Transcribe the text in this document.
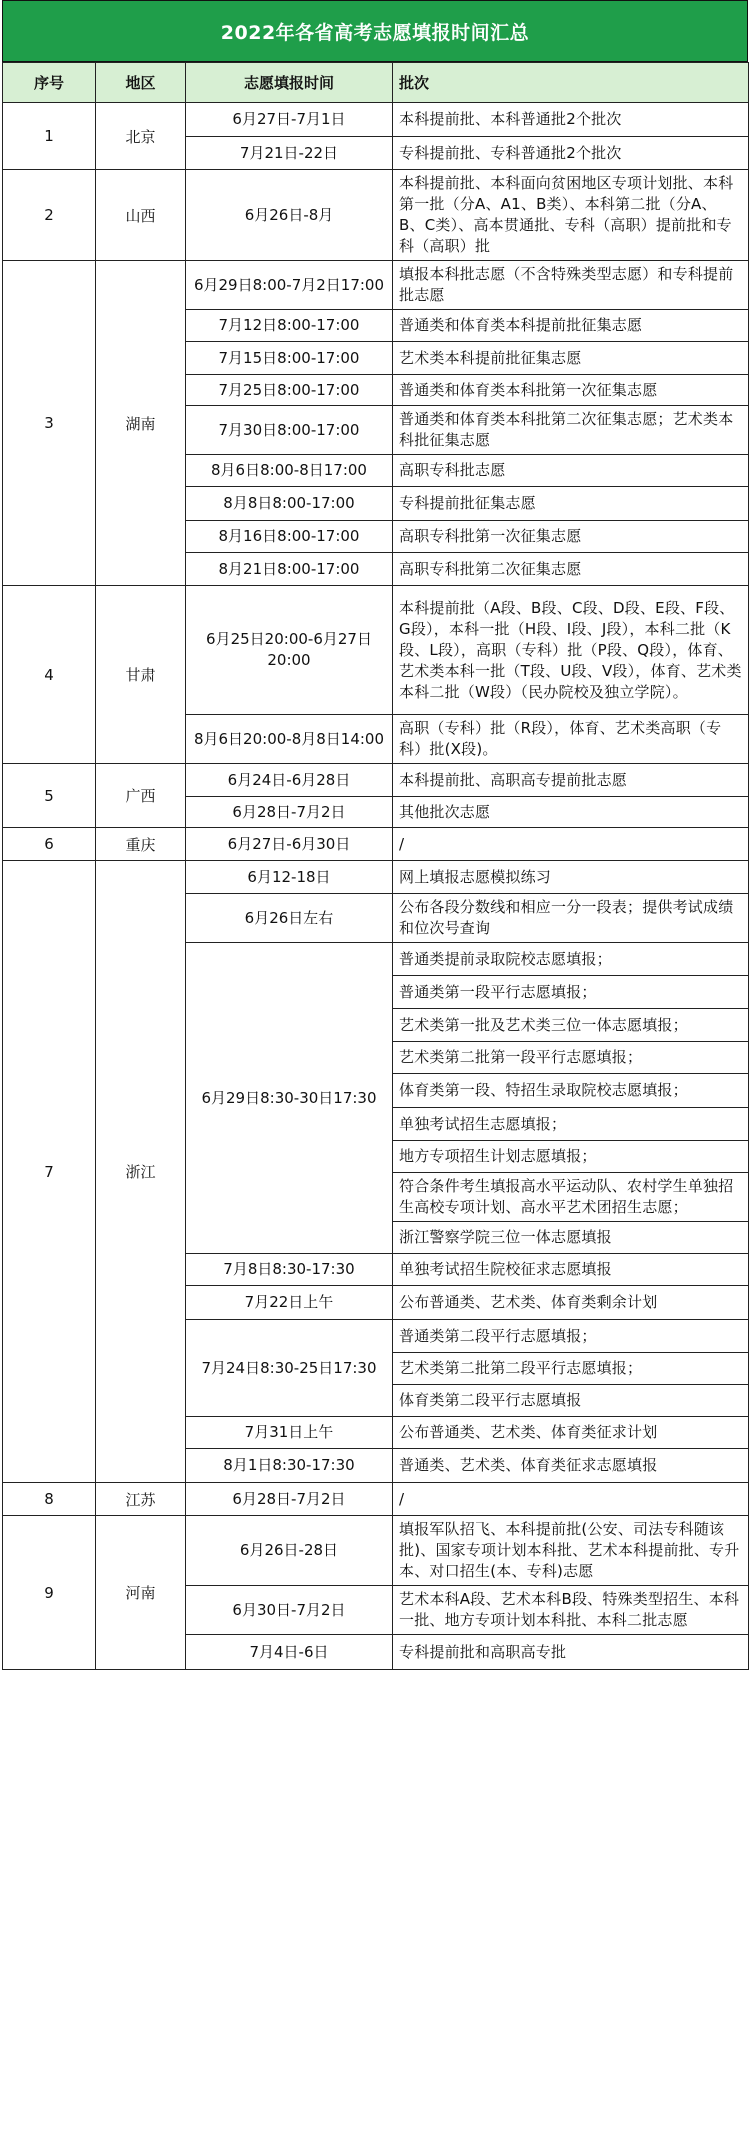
2022年各省高考志愿填报时间汇总
序号	地区	志愿填报时间	批次
1	北京	6月27日-7月1日	本科提前批、本科普通批2个批次
		7月21日-22日	专科提前批、专科普通批2个批次
2	山西	6月26日-8月	本科提前批、本科面向贫困地区专项计划批、本科第一批（分A、A1、B类）、本科第二批（分A、B、C类）、高本贯通批、专科（高职）提前批和专科（高职）批
3	湖南	6月29日8:00-7月2日17:00	填报本科批志愿（不含特殊类型志愿）和专科提前批志愿
		7月12日8:00-17:00	普通类和体育类本科提前批征集志愿
		7月15日8:00-17:00	艺术类本科提前批征集志愿
		7月25日8:00-17:00	普通类和体育类本科批第一次征集志愿
		7月30日8:00-17:00	普通类和体育类本科批第二次征集志愿；艺术类本科批征集志愿
		8月6日8:00-8日17:00	高职专科批志愿
		8月8日8:00-17:00	专科提前批征集志愿
		8月16日8:00-17:00	高职专科批第一次征集志愿
		8月21日8:00-17:00	高职专科批第二次征集志愿
4	甘肃	6月25日20:00-6月27日20:00	本科提前批（A段、B段、C段、D段、E段、F段、G段），本科一批（H段、I段、J段），本科二批（K段、L段），高职（专科）批（P段、Q段），体育、艺术类本科一批（T段、U段、V段），体育、艺术类本科二批（W段）（民办院校及独立学院）。
		8月6日20:00-8月8日14:00	高职（专科）批（R段），体育、艺术类高职（专科）批(X段)。
5	广西	6月24日-6月28日	本科提前批、高职高专提前批志愿
		6月28日-7月2日	其他批次志愿
6	重庆	6月27日-6月30日	/
7	浙江	6月12-18日	网上填报志愿模拟练习
		6月26日左右	公布各段分数线和相应一分一段表；提供考试成绩和位次号查询
		6月29日8:30-30日17:30	普通类提前录取院校志愿填报；
			普通类第一段平行志愿填报；
			艺术类第一批及艺术类三位一体志愿填报；
			艺术类第二批第一段平行志愿填报；
			体育类第一段、特招生录取院校志愿填报；
			单独考试招生志愿填报；
			地方专项招生计划志愿填报；
			符合条件考生填报高水平运动队、农村学生单独招生高校专项计划、高水平艺术团招生志愿；
			浙江警察学院三位一体志愿填报
		7月8日8:30-17:30	单独考试招生院校征求志愿填报
		7月22日上午	公布普通类、艺术类、体育类剩余计划
		7月24日8:30-25日17:30	普通类第二段平行志愿填报；
			艺术类第二批第二段平行志愿填报；
			体育类第二段平行志愿填报
		7月31日上午	公布普通类、艺术类、体育类征求计划
		8月1日8:30-17:30	普通类、艺术类、体育类征求志愿填报
8	江苏	6月28日-7月2日	/
9	河南	6月26日-28日	填报军队招飞、本科提前批(公安、司法专科随该批)、国家专项计划本科批、艺术本科提前批、专升本、对口招生(本、专科)志愿
		6月30日-7月2日	艺术本科A段、艺术本科B段、特殊类型招生、本科一批、地方专项计划本科批、本科二批志愿
		7月4日-6日	专科提前批和高职高专批
